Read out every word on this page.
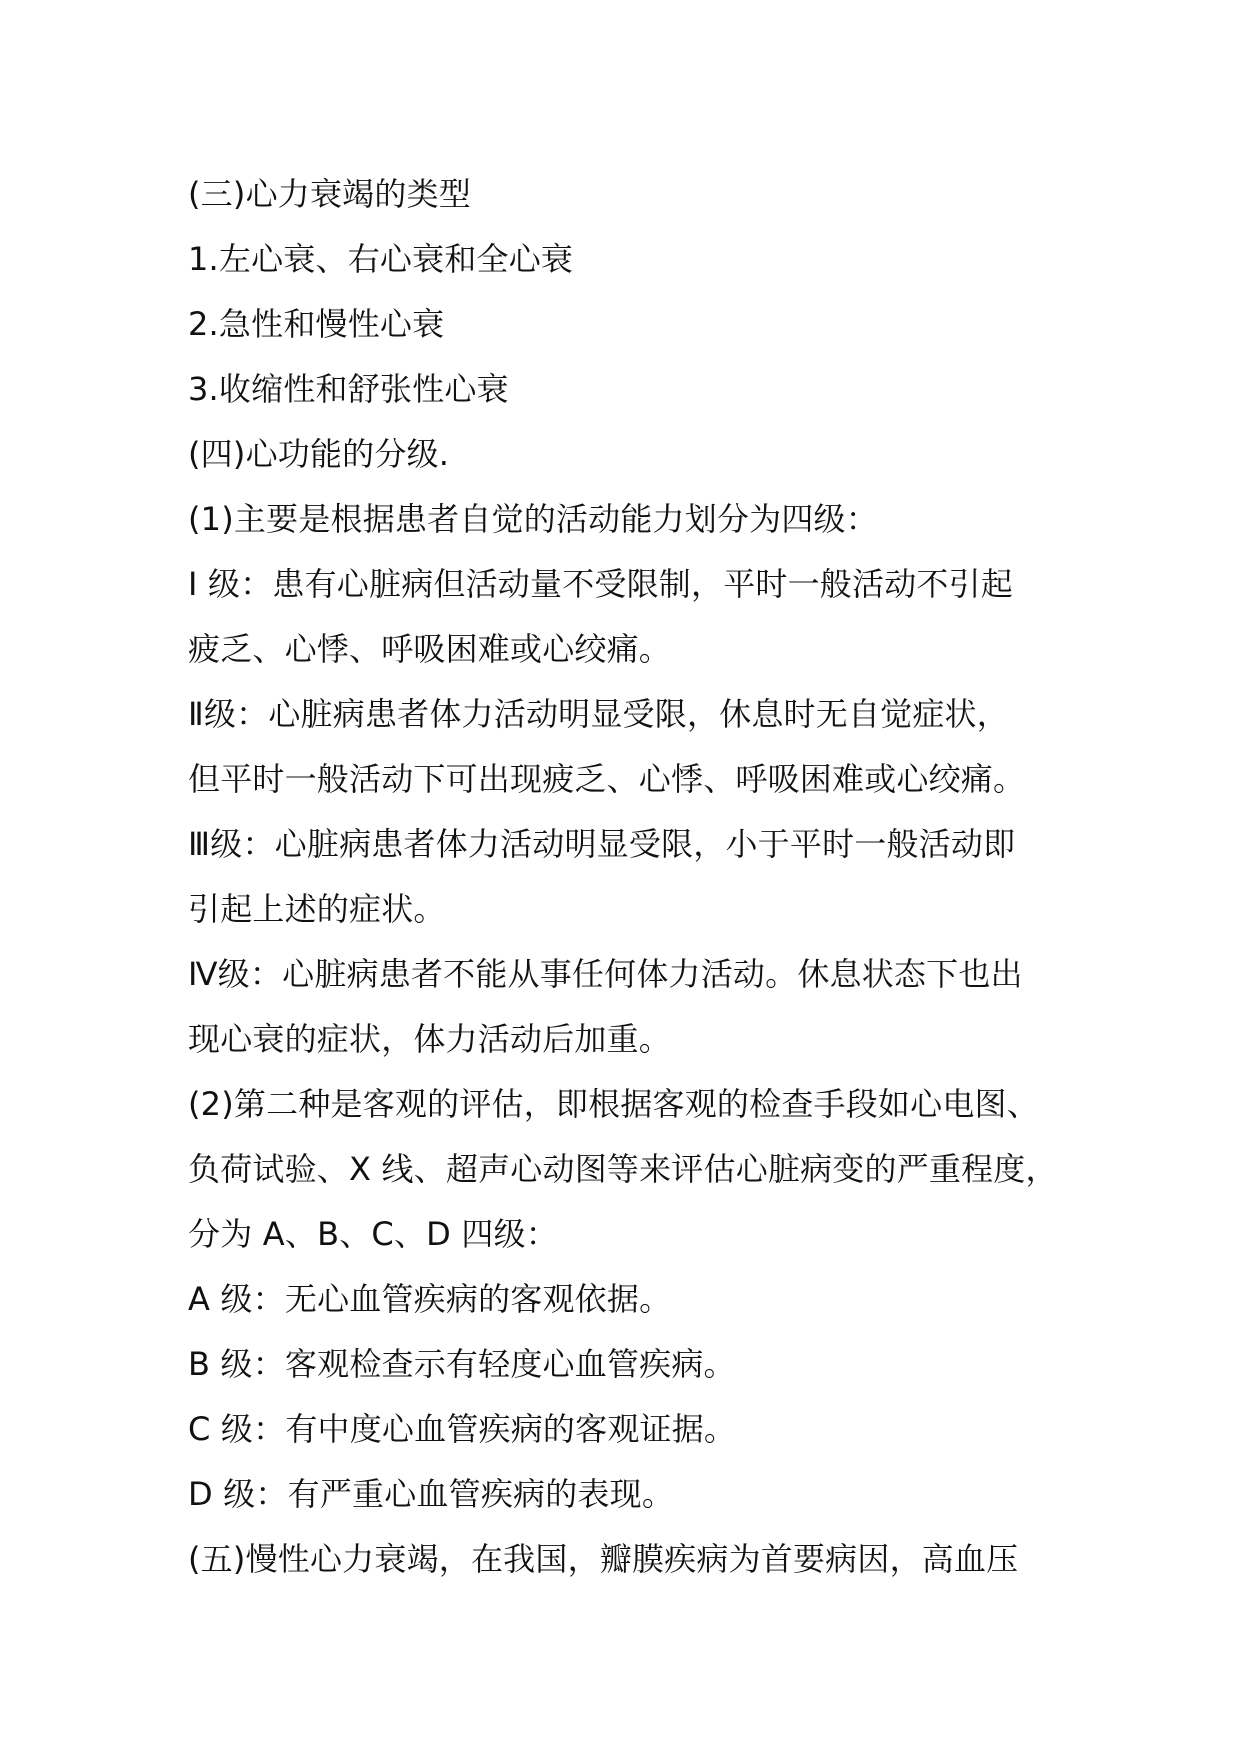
(三)心力衰竭的类型
1.左心衰、右心衰和全心衰
2.急性和慢性心衰
3.收缩性和舒张性心衰
(四)心功能的分级.
(1)主要是根据患者自觉的活动能力划分为四级：
I 级：患有心脏病但活动量不受限制，平时一般活动不引起
疲乏、心悸、呼吸困难或心绞痛。
Ⅱ级：心脏病患者体力活动明显受限，休息时无自觉症状，
但平时一般活动下可出现疲乏、心悸、呼吸困难或心绞痛。
Ⅲ级：心脏病患者体力活动明显受限，小于平时一般活动即
引起上述的症状。
Ⅳ级：心脏病患者不能从事任何体力活动。休息状态下也出
现心衰的症状，体力活动后加重。
(2)第二种是客观的评估，即根据客观的检查手段如心电图、
负荷试验、X 线、超声心动图等来评估心脏病变的严重程度，
分为 A、B、C、D 四级：
A 级：无心血管疾病的客观依据。
B 级：客观检查示有轻度心血管疾病。
C 级：有中度心血管疾病的客观证据。
D 级：有严重心血管疾病的表现。
(五)慢性心力衰竭，在我国，瓣膜疾病为首要病因，高血压
